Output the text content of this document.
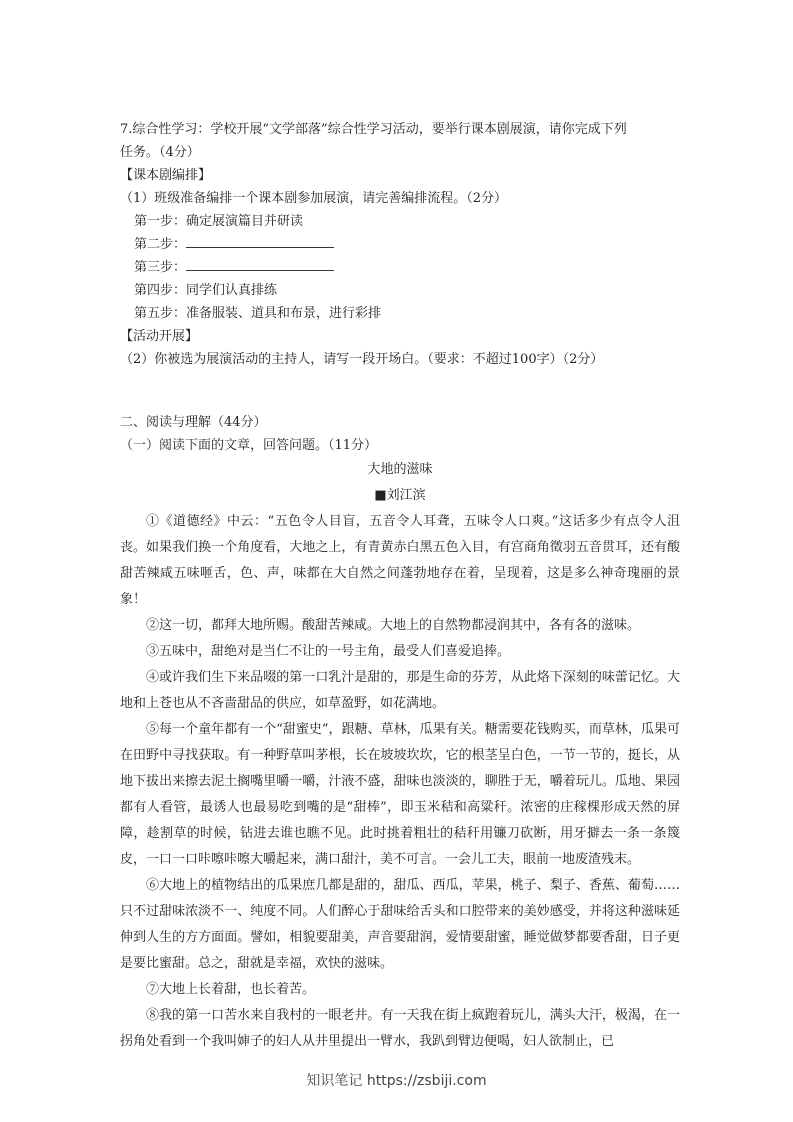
7.综合性学习：学校开展“文学部落”综合性学习活动，要举行课本剧展演，请你完成下列
任务。（4分）
【课本剧编排】
（1）班级准备编排一个课本剧参加展演，请完善编排流程。（2分）
第一步：确定展演篇目并研读
第二步：
第三步：
第四步：同学们认真排练
第五步：准备服装、道具和布景，进行彩排
【活动开展】
（2）你被选为展演活动的主持人，请写一段开场白。（要求：不超过100字）（2分）
二、阅读与理解（44分）
（一）阅读下面的文章，回答问题。（11分）
大地的滋味
■刘江滨

①《道德经》中云：“五色令人目盲，五音令人耳聋，五味令人口爽。”这话多少有点令人沮丧。如果我们换一个角度看，大地之上，有青黄赤白黑五色入目，有宫商角徵羽五音贯耳，还有酸甜苦辣咸五味咂舌，色、声，味都在大自然之间蓬勃地存在着，呈现着，这是多么神奇瑰丽的景象！

②这一切，都拜大地所赐。酸甜苦辣咸。大地上的自然物都浸润其中，各有各的滋味。

③五味中，甜绝对是当仁不让的一号主角，最受人们喜爱追捧。

④或许我们生下来品啜的第一口乳汁是甜的，那是生命的芬芳，从此烙下深刻的味蕾记忆。大地和上苍也从不吝啬甜品的供应，如草盈野，如花满地。

⑤每一个童年都有一个“甜蜜史”，跟糖、草林，瓜果有关。糖需要花钱购买，而草林，瓜果可在田野中寻找获取。有一种野草叫茅根，长在坡坡坎坎，它的根茎呈白色，一节一节的，挺长，从地下拔出来擦去泥土搁嘴里嚼一嚼，汁液不盛，甜味也淡淡的，聊胜于无，嚼着玩儿。瓜地、果园都有人看管，最诱人也最易吃到嘴的是“甜棒”，即玉米秸和高粱秆。浓密的庄稼棵形成天然的屏障，趁割草的时候，钻进去谁也瞧不见。此时挑着粗壮的秸秆用镰刀砍断，用牙擗去一条一条篾皮，一口一口咔嚓咔嚓大嚼起来，满口甜汁，美不可言。一会儿工夫，眼前一地废渣残末。

⑥大地上的植物结出的瓜果庶几都是甜的，甜瓜、西瓜，苹果，桃子、梨子、香蕉、葡萄……只不过甜味浓淡不一、纯度不同。人们醉心于甜味给舌头和口腔带来的美妙感受，并将这种滋味延伸到人生的方方面面。譬如，相貌要甜美，声音要甜润，爱情要甜蜜，睡觉做梦都要香甜，日子更是要比蜜甜。总之，甜就是幸福，欢快的滋味。

⑦大地上长着甜，也长着苦。

⑧我的第一口苦水来自我村的一眼老井。有一天我在街上疯跑着玩儿，满头大汗，极渴，在一拐角处看到一个我叫婶子的妇人从井里提出一臂水，我趴到臂边便喝，妇人欲制止，已

知识笔记 https://zsbiji.com
